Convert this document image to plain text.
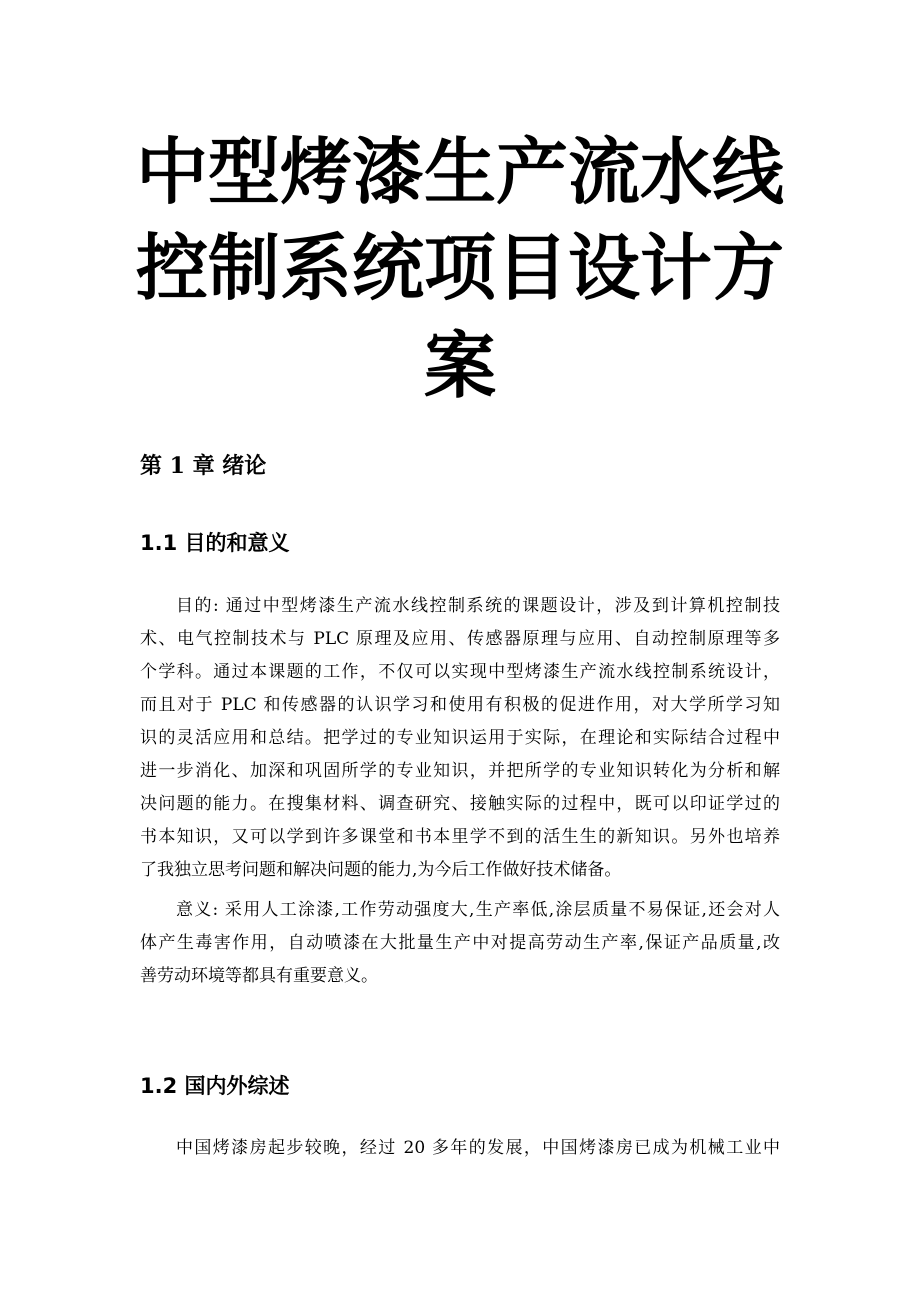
中型烤漆生产流水线
控制系统项目设计方
案
第 1 章 绪论
1.1 目的和意义

目的: 通过中型烤漆生产流水线控制系统的课题设计，涉及到计算机控制技

术、电气控制技术与 PLC 原理及应用、传感器原理与应用、自动控制原理等多

个学科。通过本课题的工作，不仅可以实现中型烤漆生产流水线控制系统设计，

而且对于 PLC 和传感器的认识学习和使用有积极的促进作用，对大学所学习知

识的灵活应用和总结。把学过的专业知识运用于实际，在理论和实际结合过程中

进一步消化、加深和巩固所学的专业知识，并把所学的专业知识转化为分析和解

决问题的能力。在搜集材料、调查研究、接触实际的过程中，既可以印证学过的

书本知识，又可以学到许多课堂和书本里学不到的活生生的新知识。另外也培养

了我独立思考问题和解决问题的能力,为今后工作做好技术储备。

意义: 采用人工涂漆,工作劳动强度大,生产率低,涂层质量不易保证,还会对人

体产生毒害作用，自动喷漆在大批量生产中对提高劳动生产率,保证产品质量,改

善劳动环境等都具有重要意义。

1.2 国内外综述

中国烤漆房起步较晚，经过 20 多年的发展，中国烤漆房已成为机械工业中
